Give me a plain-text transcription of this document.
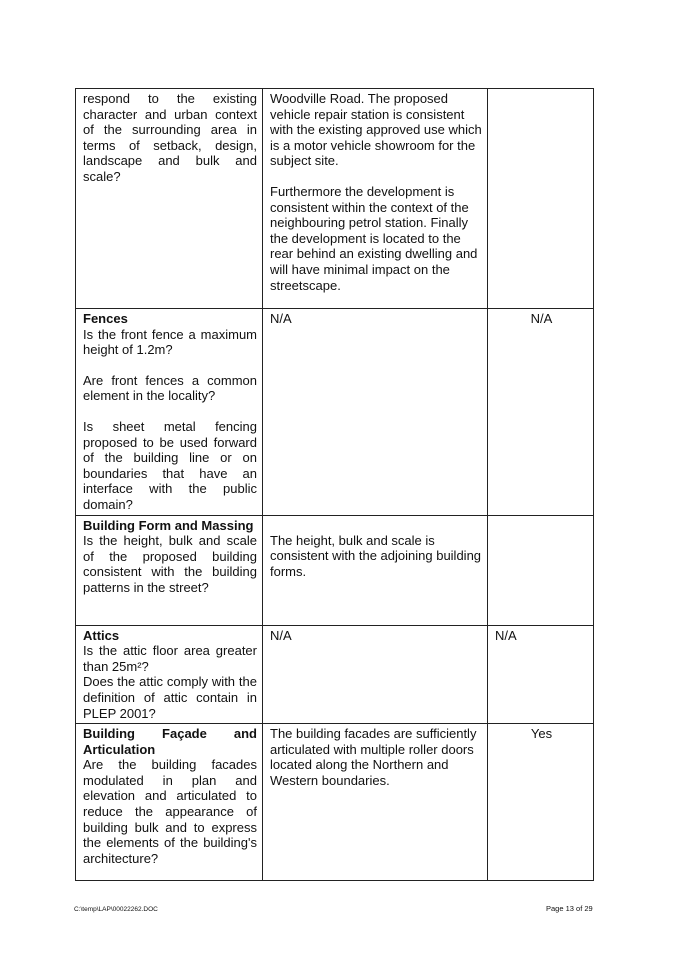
respond to the existing character and urban context of the surrounding area in terms of setback, design, landscape and bulk and scale?	Woodville Road. The proposed vehicle repair station is consistent with the existing approved use which is a motor vehicle showroom for the subject site.
Furthermore the development is consistent within the context of the neighbouring petrol station. Finally the development is located to the rear behind an existing dwelling and will have minimal impact on the streetscape.	

Fences
Is the front fence a maximum height of 1.2m?
Are front fences a common element in the locality?
Is sheet metal fencing proposed to be used forward of the building line or on boundaries that have an interface with the public domain?	N/A	N/A

Building Form and Massing
Is the height, bulk and scale of the proposed building consistent with the building patterns in the street?	The height, bulk and scale is consistent with the adjoining building forms.	

Attics
Is the attic floor area greater than 25m²?
Does the attic comply with the definition of attic contain in PLEP 2001?	N/A	N/A

Building Façade and Articulation
Are the building facades modulated in plan and elevation and articulated to reduce the appearance of building bulk and to express the elements of the building's architecture?	The building facades are sufficiently articulated with multiple roller doors located along the Northern and Western boundaries.	Yes
C:\temp\LAP\00022262.DOC	Page 13 of 29
